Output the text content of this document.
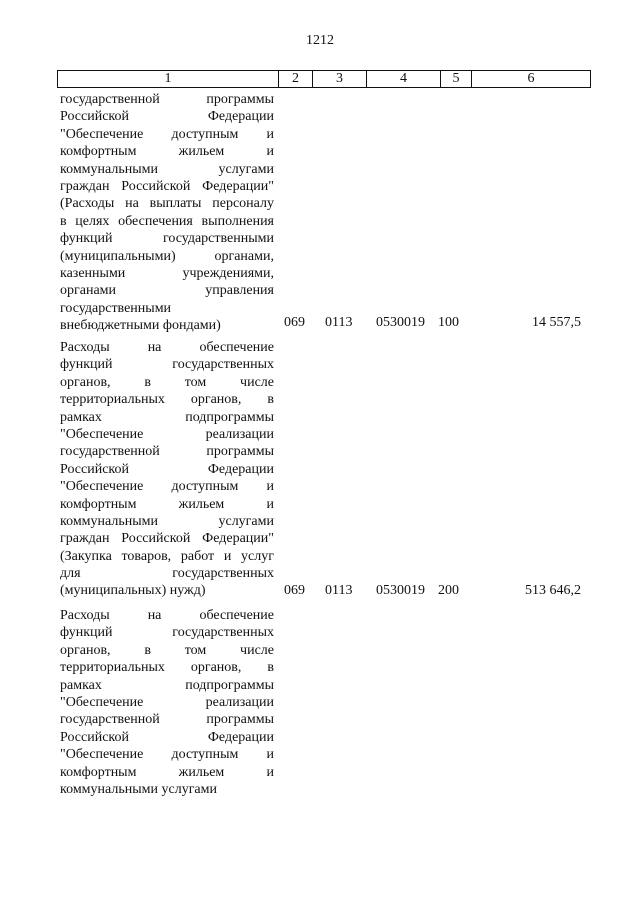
1212
1	2	3	4	5	6
государственной программы
Российской Федерации
"Обеспечение доступным и
комфортным жильем и
коммунальными услугами
граждан Российской Федерации"
(Расходы на выплаты персоналу
в целях обеспечения выполнения
функций государственными
(муниципальными) органами,
казенными учреждениями,
органами управления
государственными
внебюджетными фондами)	069 0113 0530019 100	14 557,5
Расходы на обеспечение
функций государственных
органов, в том числе
территориальных органов, в
рамках подпрограммы
"Обеспечение реализации
государственной программы
Российской Федерации
"Обеспечение доступным и
комфортным жильем и
коммунальными услугами
граждан Российской Федерации"
(Закупка товаров, работ и услуг
для государственных
(муниципальных) нужд)	069 0113 0530019 200	513 646,2
Расходы на обеспечение
функций государственных
органов, в том числе
территориальных органов, в
рамках подпрограммы
"Обеспечение реализации
государственной программы
Российской Федерации
"Обеспечение доступным и
комфортным жильем и
коммунальными услугами
